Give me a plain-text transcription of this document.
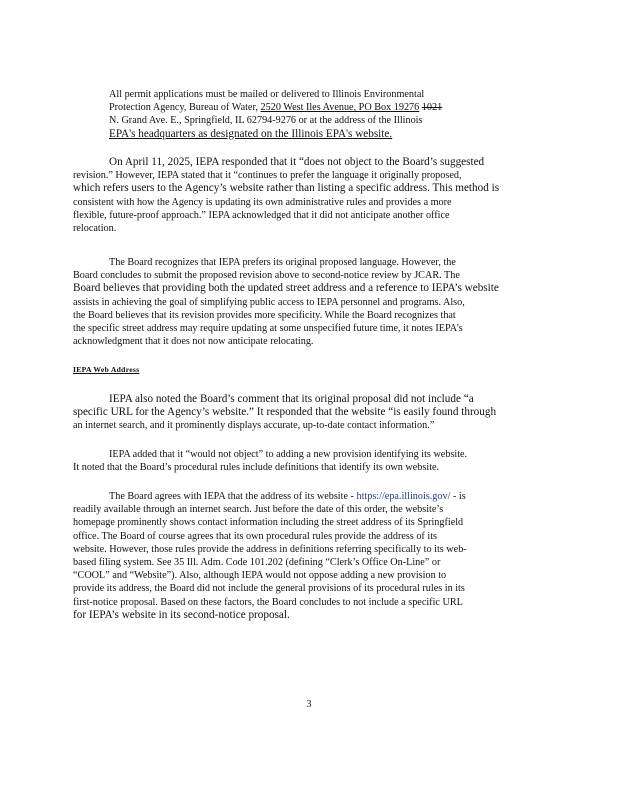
All permit applications must be mailed or delivered to Illinois Environmental
Protection Agency, Bureau of Water, 2520 West Iles Avenue, PO Box 19276 1021
N. Grand Ave. E., Springfield, IL 62794-9276 or at the address of the Illinois
EPA's headquarters as designated on the Illinois EPA's website.
On April 11, 2025, IEPA responded that it “does not object to the Board’s suggested
revision.” However, IEPA stated that it “continues to prefer the language it originally proposed,
which refers users to the Agency’s website rather than listing a specific address. This method is
consistent with how the Agency is updating its own administrative rules and provides a more
flexible, future-proof approach.” IEPA acknowledged that it did not anticipate another office
relocation.
The Board recognizes that IEPA prefers its original proposed language. However, the
Board concludes to submit the proposed revision above to second-notice review by JCAR. The
Board believes that providing both the updated street address and a reference to IEPA’s website
assists in achieving the goal of simplifying public access to IEPA personnel and programs. Also,
the Board believes that its revision provides more specificity. While the Board recognizes that
the specific street address may require updating at some unspecified future time, it notes IEPA’s
acknowledgment that it does not now anticipate relocating.

IEPA Web Address

IEPA also noted the Board’s comment that its original proposal did not include “a
specific URL for the Agency’s website.” It responded that the website “is easily found through
an internet search, and it prominently displays accurate, up-to-date contact information.”
IEPA added that it “would not object” to adding a new provision identifying its website.
It noted that the Board’s procedural rules include definitions that identify its own website.
The Board agrees with IEPA that the address of its website - https://epa.illinois.gov/ - is
readily available through an internet search. Just before the date of this order, the website’s
homepage prominently shows contact information including the street address of its Springfield
office. The Board of course agrees that its own procedural rules provide the address of its
website. However, those rules provide the address in definitions referring specifically to its web-
based filing system. See 35 Ill. Adm. Code 101.202 (defining “Clerk’s Office On-Line” or
“COOL” and “Website”). Also, although IEPA would not oppose adding a new provision to
provide its address, the Board did not include the general provisions of its procedural rules in its
first-notice proposal. Based on these factors, the Board concludes to not include a specific URL
for IEPA’s website in its second-notice proposal.

3
